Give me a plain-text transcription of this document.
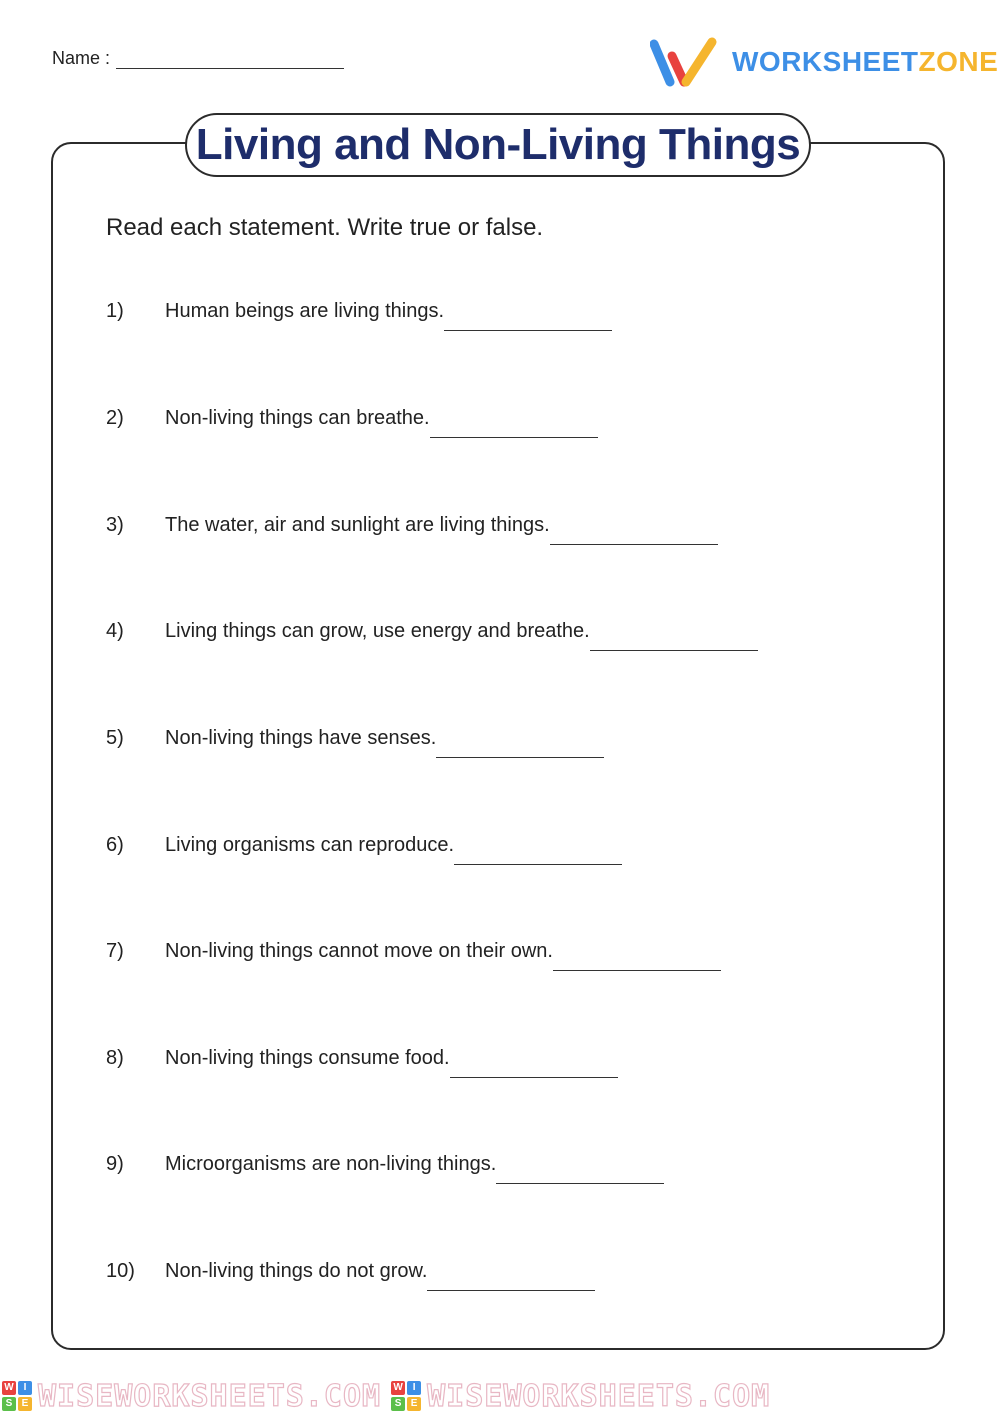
Name :	WORKSHEETZONE
Living and Non-Living Things
Read each statement. Write true or false.
1)	Human beings are living things.
2)	Non-living things can breathe.
3)	The water, air and sunlight are living things.
4)	Living things can grow, use energy and breathe.
5)	Non-living things have senses.
6)	Living organisms can reproduce.
7)	Non-living things cannot move on their own.
8)	Non-living things consume food.
9)	Microorganisms are non-living things.
10)	Non-living things do not grow.
W I
S E WISEWORKSHEETS.COM W I
S E WISEWORKSHEETS.COM
